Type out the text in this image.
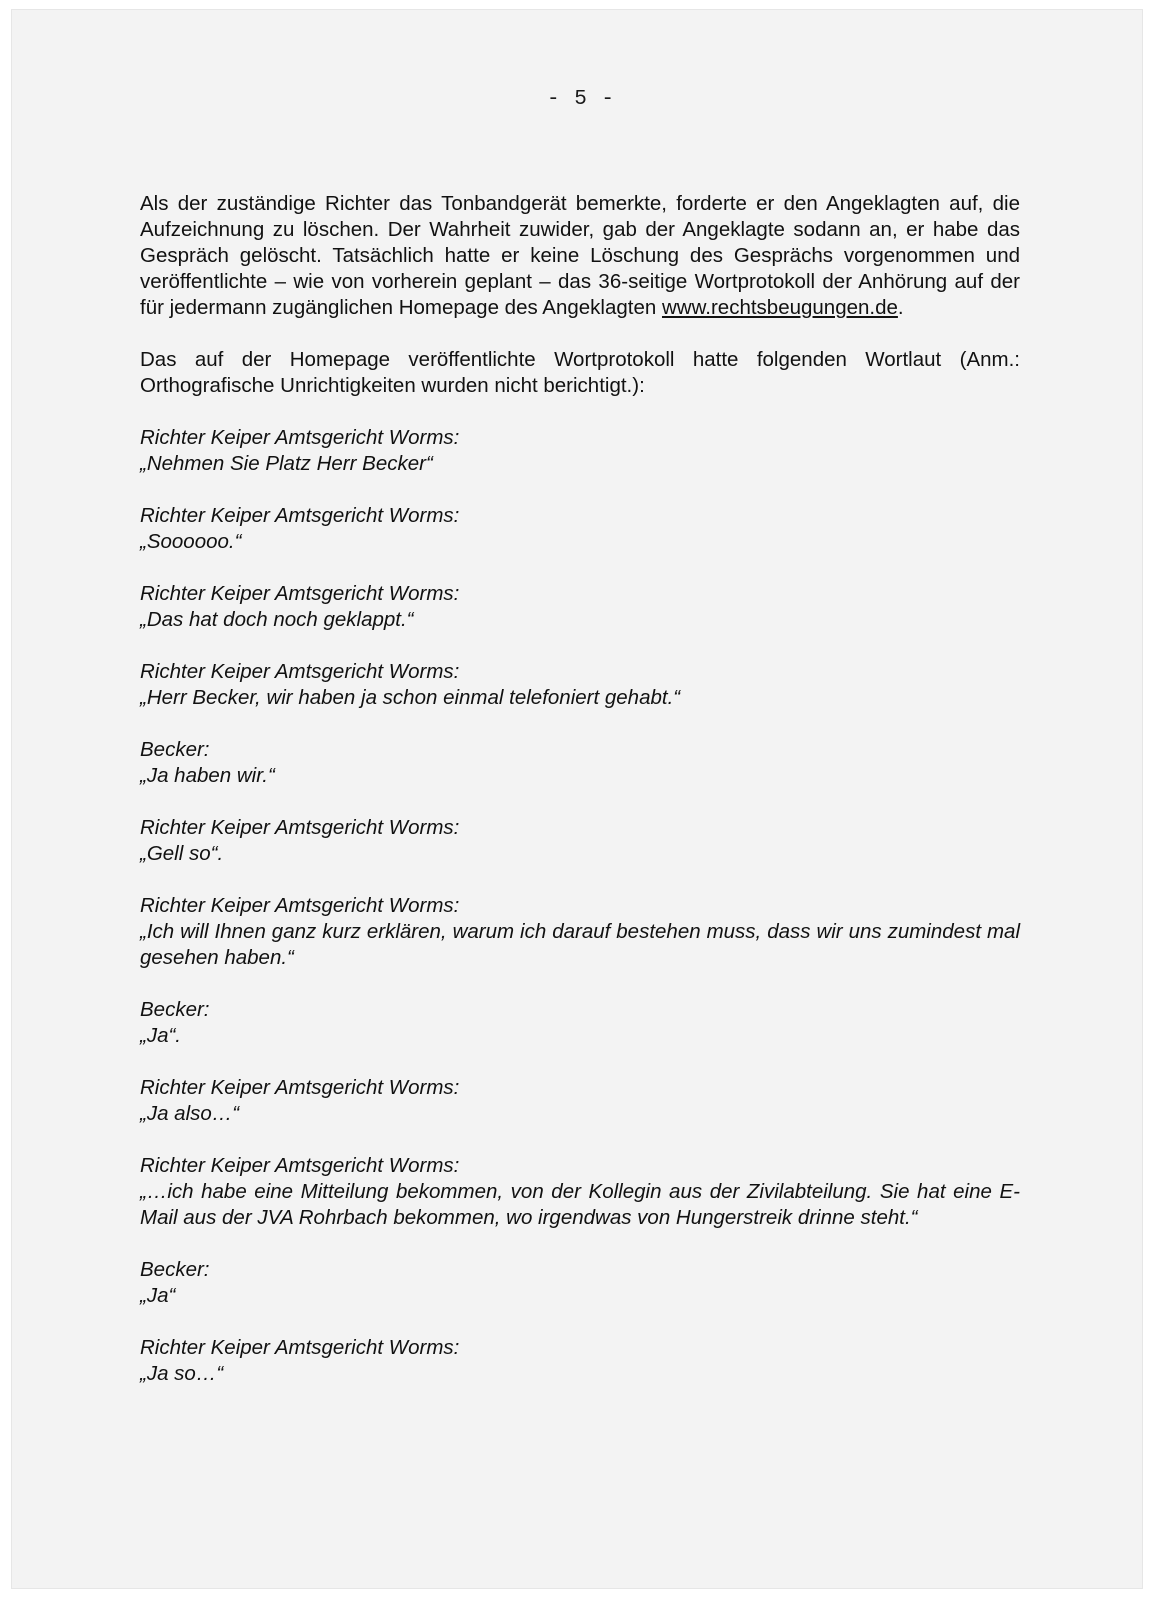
- 5 -

Als der zuständige Richter das Tonbandgerät bemerkte, forderte er den Angeklagten auf, die Aufzeichnung zu löschen. Der Wahrheit zuwider, gab der Angeklagte sodann an, er habe das Gespräch gelöscht. Tatsächlich hatte er keine Löschung des Gesprächs vorgenommen und veröffentlichte – wie von vorherein geplant – das 36-seitige Wortprotokoll der Anhörung auf der für jedermann zugänglichen Homepage des Angeklagten www.rechtsbeugungen.de.

Das auf der Homepage veröffentlichte Wortprotokoll hatte folgenden Wortlaut (Anm.: Orthografische Unrichtigkeiten wurden nicht berichtigt.):

Richter Keiper Amtsgericht Worms:
„Nehmen Sie Platz Herr Becker“
Richter Keiper Amtsgericht Worms:
„Soooooo.“
Richter Keiper Amtsgericht Worms:
„Das hat doch noch geklappt.“
Richter Keiper Amtsgericht Worms:
„Herr Becker, wir haben ja schon einmal telefoniert gehabt.“
Becker:
„Ja haben wir.“
Richter Keiper Amtsgericht Worms:
„Gell so“.
Richter Keiper Amtsgericht Worms:
„Ich will Ihnen ganz kurz erklären, warum ich darauf bestehen muss, dass wir uns zumindest mal gesehen haben.“
Becker:
„Ja“.
Richter Keiper Amtsgericht Worms:
„Ja also…“
Richter Keiper Amtsgericht Worms:
„…ich habe eine Mitteilung bekommen, von der Kollegin aus der Zivilabteilung. Sie hat eine E-Mail aus der JVA Rohrbach bekommen, wo irgendwas von Hungerstreik drinne steht.“
Becker:
„Ja“
Richter Keiper Amtsgericht Worms:
„Ja so…“
